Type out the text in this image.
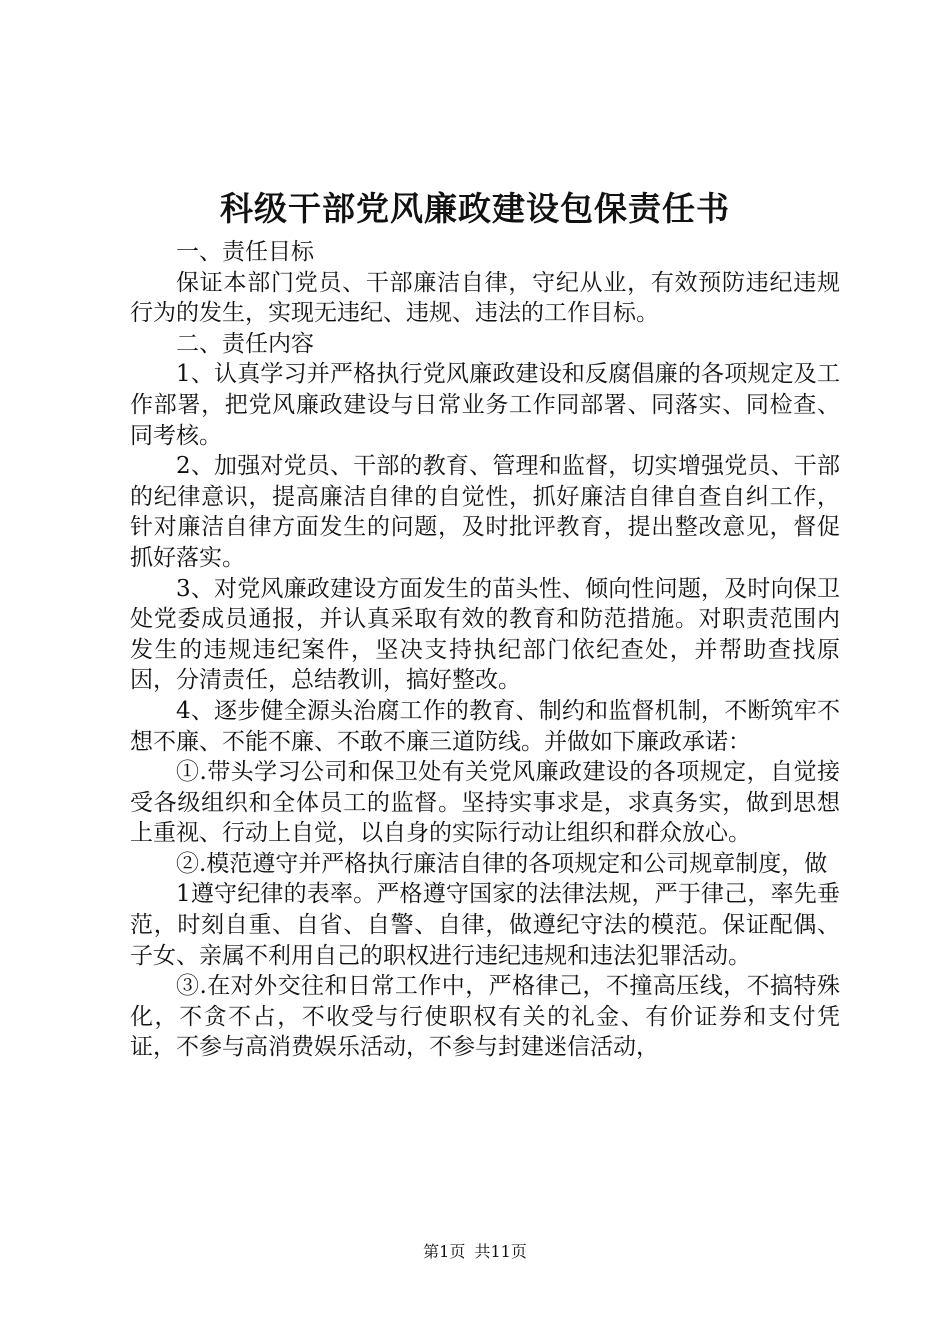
科级干部党风廉政建设包保责任书

一、责任目标

保证本部门党员、干部廉洁自律，守纪从业，有效预防违纪违规行为的发生，实现无违纪、违规、违法的工作目标。

二、责任内容

1、认真学习并严格执行党风廉政建设和反腐倡廉的各项规定及工作部署，把党风廉政建设与日常业务工作同部署、同落实、同检查、同考核。

2、加强对党员、干部的教育、管理和监督，切实增强党员、干部的纪律意识，提高廉洁自律的自觉性，抓好廉洁自律自查自纠工作，针对廉洁自律方面发生的问题，及时批评教育，提出整改意见，督促抓好落实。

3、对党风廉政建设方面发生的苗头性、倾向性问题，及时向保卫处党委成员通报，并认真采取有效的教育和防范措施。对职责范围内发生的违规违纪案件，坚决支持执纪部门依纪查处，并帮助查找原因，分清责任，总结教训，搞好整改。

4、逐步健全源头治腐工作的教育、制约和监督机制，不断筑牢不想不廉、不能不廉、不敢不廉三道防线。并做如下廉政承诺：

①.带头学习公司和保卫处有关党风廉政建设的各项规定，自觉接受各级组织和全体员工的监督。坚持实事求是，求真务实，做到思想上重视、行动上自觉，以自身的实际行动让组织和群众放心。

②.模范遵守并严格执行廉洁自律的各项规定和公司规章制度，做

1遵守纪律的表率。严格遵守国家的法律法规，严于律己，率先垂范，时刻自重、自省、自警、自律，做遵纪守法的模范。保证配偶、子女、亲属不利用自己的职权进行违纪违规和违法犯罪活动。

③.在对外交往和日常工作中，严格律己，不撞高压线，不搞特殊化，不贪不占，不收受与行使职权有关的礼金、有价证券和支付凭证，不参与高消费娱乐活动，不参与封建迷信活动，

第1页 共11页
